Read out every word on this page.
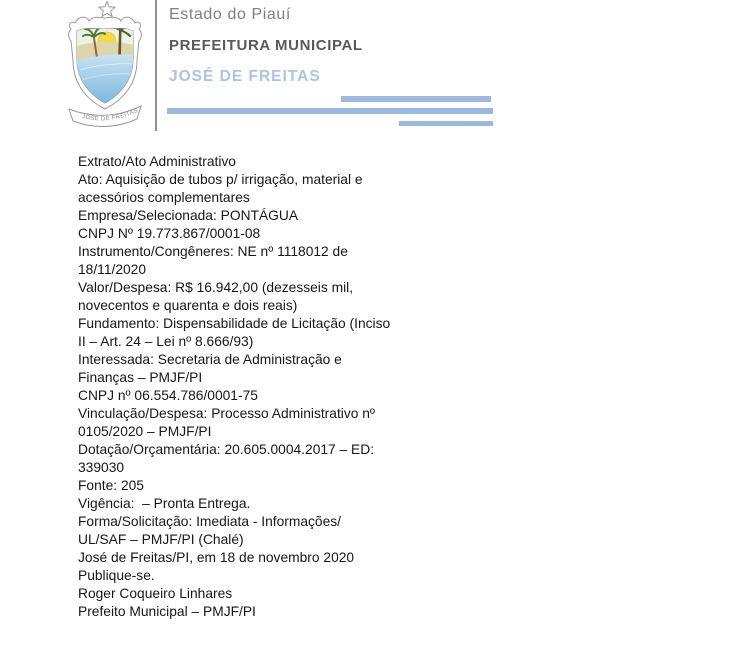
JOSÉ DE FREITAS
Estado do Piauí
PREFEITURA MUNICIPAL
JOSÉ DE FREITAS
Extrato/Ato Administrativo
Ato: Aquisição de tubos p/ irrigação, material e
acessórios complementares
Empresa/Selecionada: PONTÁGUA
CNPJ Nº 19.773.867/0001-08
Instrumento/Congêneres: NE nº 1118012 de
18/11/2020
Valor/Despesa: R$ 16.942,00 (dezesseis mil,
novecentos e quarenta e dois reais)
Fundamento: Dispensabilidade de Licitação (Inciso
II – Art. 24 – Lei nº 8.666/93)
Interessada: Secretaria de Administração e
Finanças – PMJF/PI
CNPJ nº 06.554.786/0001-75
Vinculação/Despesa: Processo Administrativo nº
0105/2020 – PMJF/PI
Dotação/Orçamentária: 20.605.0004.2017 – ED:
339030
Fonte: 205
Vigência:  – Pronta Entrega.
Forma/Solicitação: Imediata - Informações/
UL/SAF – PMJF/PI (Chalé)
José de Freitas/PI, em 18 de novembro 2020
Publique-se.
Roger Coqueiro Linhares
Prefeito Municipal – PMJF/PI
